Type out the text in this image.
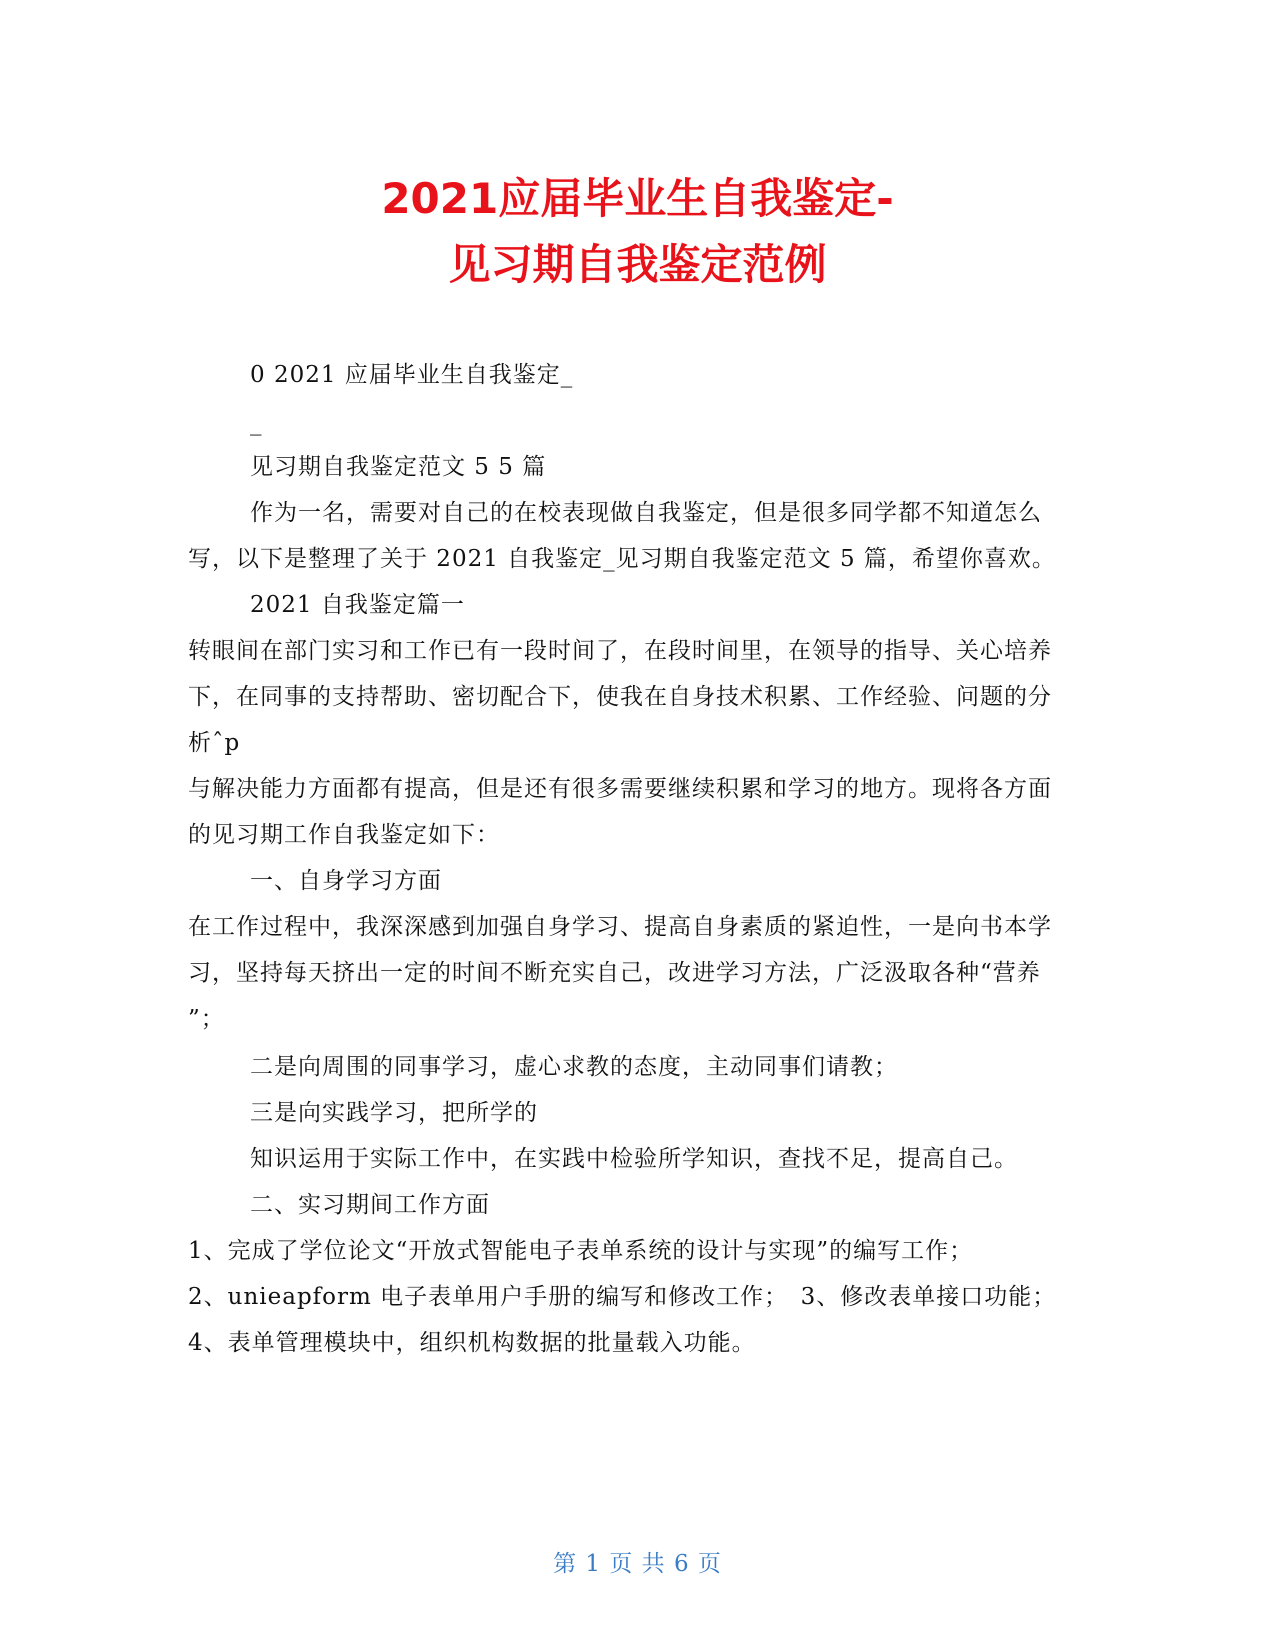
2021应届毕业生自我鉴定-
见习期自我鉴定范例
0 2021 应届毕业生自我鉴定_
_
见习期自我鉴定范文 5 5 篇
作为一名，需要对自己的在校表现做自我鉴定，但是很多同学都不知道怎么
写，以下是整理了关于 2021 自我鉴定_见习期自我鉴定范文 5 篇，希望你喜欢。
2021 自我鉴定篇一
转眼间在部门实习和工作已有一段时间了，在段时间里，在领导的指导、关心培养
下，在同事的支持帮助、密切配合下，使我在自身技术积累、工作经验、问题的分
析ˆp
与解决能力方面都有提高，但是还有很多需要继续积累和学习的地方。现将各方面
的见习期工作自我鉴定如下：
一、自身学习方面
在工作过程中，我深深感到加强自身学习、提高自身素质的紧迫性，一是向书本学
习，坚持每天挤出一定的时间不断充实自己，改进学习方法，广泛汲取各种“营养
”；
二是向周围的同事学习，虚心求教的态度，主动同事们请教；
三是向实践学习，把所学的
知识运用于实际工作中，在实践中检验所学知识，查找不足，提高自己。
二、实习期间工作方面
1、完成了学位论文“开放式智能电子表单系统的设计与实现”的编写工作；
2、unieapform 电子表单用户手册的编写和修改工作；　3、修改表单接口功能；
4、表单管理模块中，组织机构数据的批量载入功能。
第 1 页 共 6 页
